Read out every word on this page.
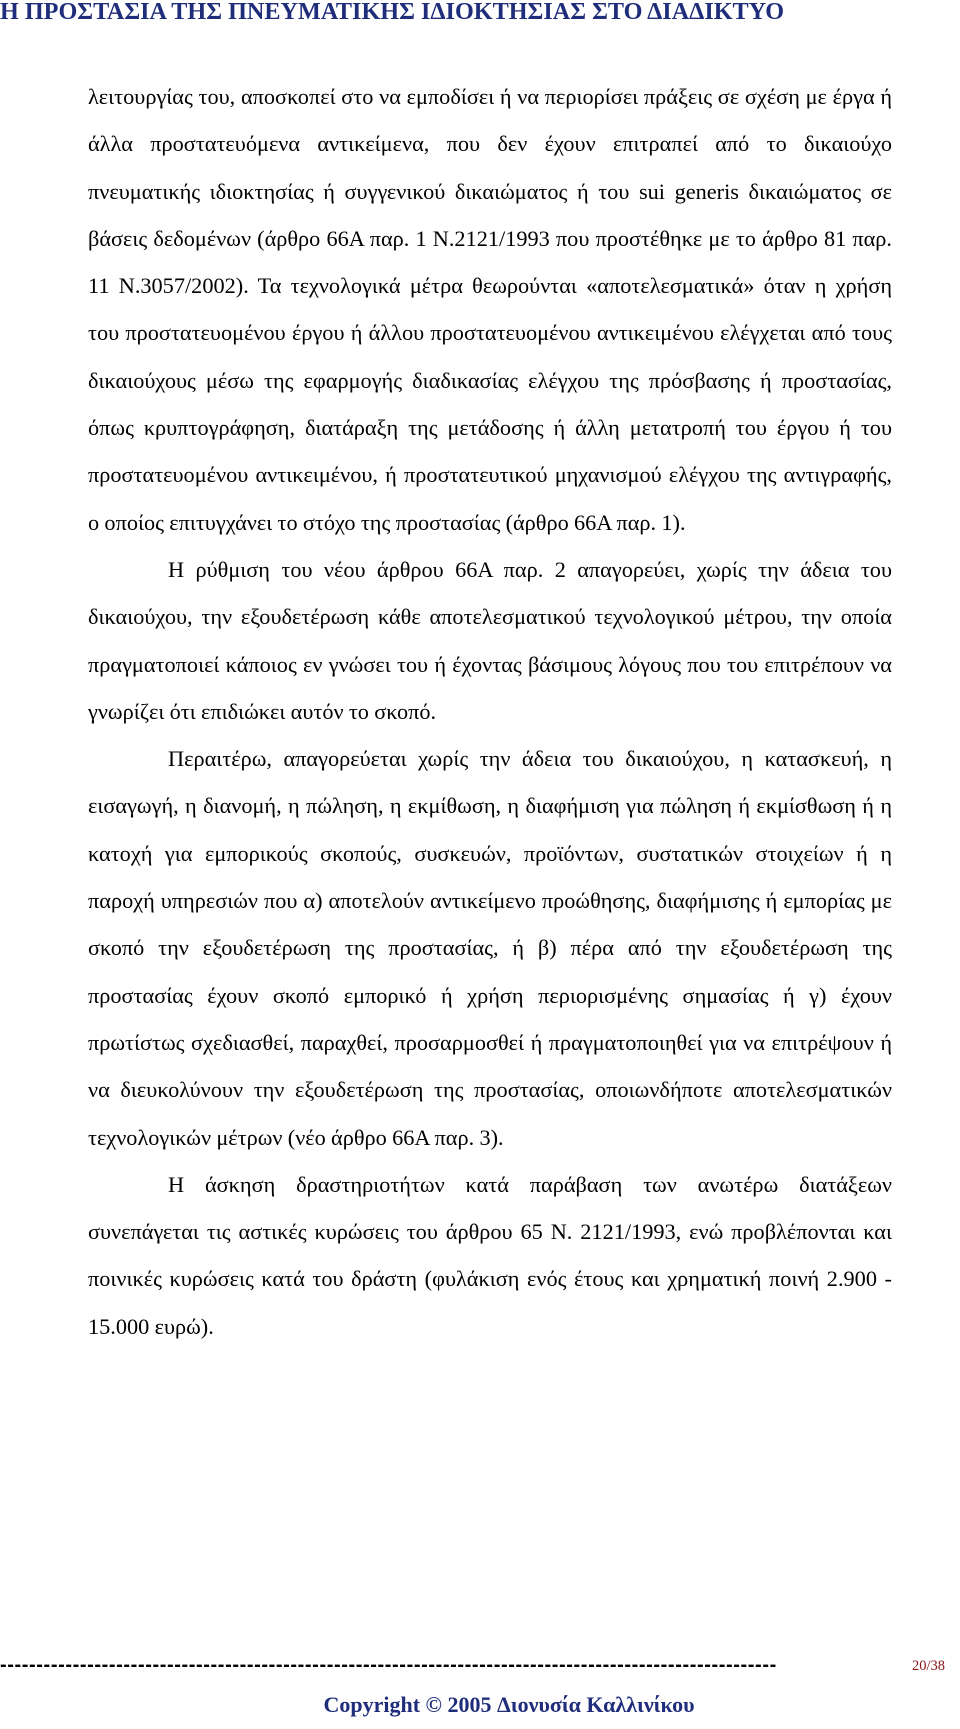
Η ΠΡΟΣΤΑΣΙΑ ΤΗΣ ΠΝΕΥΜΑΤΙΚΗΣ ΙΔΙΟΚΤΗΣΙΑΣ ΣΤΟ ΔΙΑΔΙΚΤΥΟ

λειτουργίας του, αποσκοπεί στο να εμποδίσει ή να περιορίσει πράξεις σε σχέση με έργα ή άλλα προστατευόμενα αντικείμενα, που δεν έχουν επιτραπεί από το δικαιούχο πνευματικής ιδιοκτησίας ή συγγενικού δικαιώματος ή του sui generis δικαιώματος σε βάσεις δεδομένων (άρθρο 66Α παρ. 1 Ν.2121/1993 που προστέθηκε με το άρθρο 81 παρ. 11 Ν.3057/2002). Τα τεχνολογικά μέτρα θεωρούνται «αποτελεσματικά» όταν η χρήση του προστατευομένου έργου ή άλλου προστατευομένου αντικειμένου ελέγχεται από τους δικαιούχους μέσω της εφαρμογής διαδικασίας ελέγχου της πρόσβασης ή προστασίας, όπως κρυπτογράφηση, διατάραξη της μετάδοσης ή άλλη μετατροπή του έργου ή του προστατευομένου αντικειμένου, ή προστατευτικού μηχανισμού ελέγχου της αντιγραφής, ο οποίος επιτυγχάνει το στόχο της προστασίας (άρθρο 66Α παρ. 1).

Η ρύθμιση του νέου άρθρου 66Α παρ. 2 απαγορεύει, χωρίς την άδεια του δικαιούχου, την εξουδετέρωση κάθε αποτελεσματικού τεχνολογικού μέτρου, την οποία πραγματοποιεί κάποιος εν γνώσει του ή έχοντας βάσιμους λόγους που του επιτρέπουν να γνωρίζει ότι επιδιώκει αυτόν το σκοπό.

Περαιτέρω, απαγορεύεται χωρίς την άδεια του δικαιούχου, η κατασκευή, η εισαγωγή, η διανομή, η πώληση, η εκμίθωση, η διαφήμιση για πώληση ή εκμίσθωση ή η κατοχή για εμπορικούς σκοπούς, συσκευών, προϊόντων, συστατικών στοιχείων ή η παροχή υπηρεσιών που α) αποτελούν αντικείμενο προώθησης, διαφήμισης ή εμπορίας με σκοπό την εξουδετέρωση της προστασίας, ή β) πέρα από την εξουδετέρωση της προστασίας έχουν σκοπό εμπορικό ή χρήση περιορισμένης σημασίας ή γ) έχουν πρωτίστως σχεδιασθεί, παραχθεί, προσαρμοσθεί ή πραγματοποιηθεί για να επιτρέψουν ή να διευκολύνουν την εξουδετέρωση της προστασίας, οποιωνδήποτε αποτελεσματικών τεχνολογικών μέτρων (νέο άρθρο 66Α παρ. 3).

Η άσκηση δραστηριοτήτων κατά παράβαση των ανωτέρω διατάξεων συνεπάγεται τις αστικές κυρώσεις του άρθρου 65 Ν. 2121/1993, ενώ προβλέπονται και ποινικές κυρώσεις κατά του δράστη (φυλάκιση ενός έτους και χρηματική ποινή 2.900 - 15.000 ευρώ).

-----------------------------------------------------------------------------------------------------------	20/38
Copyright © 2005 Διονυσία Καλλινίκου
